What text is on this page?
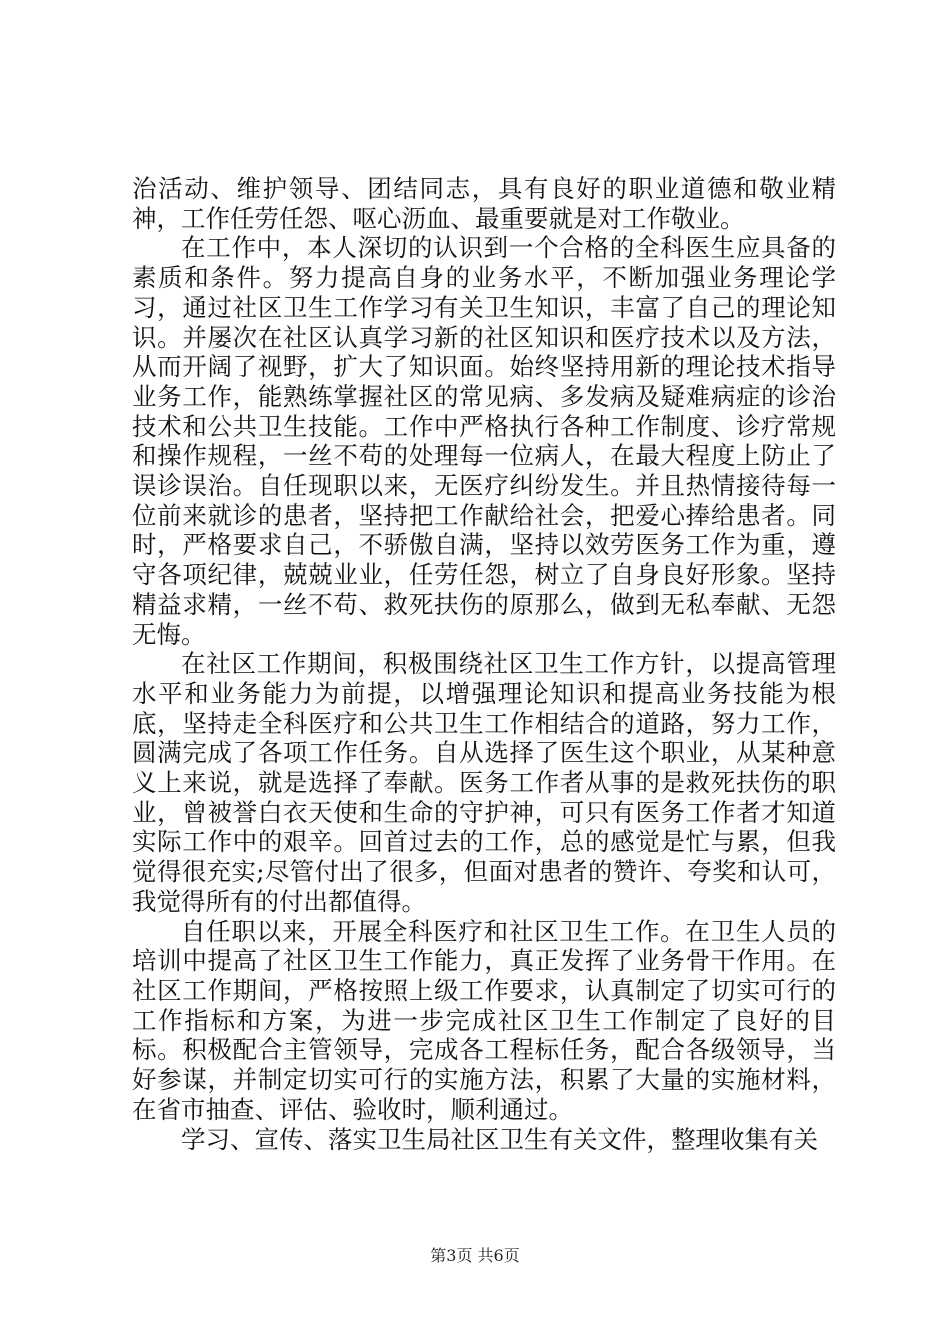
治活动、维护领导、团结同志，具有良好的职业道德和敬业精神，工作任劳任怨、呕心沥血、最重要就是对工作敬业。

在工作中，本人深切的认识到一个合格的全科医生应具备的素质和条件。努力提高自身的业务水平，不断加强业务理论学习，通过社区卫生工作学习有关卫生知识，丰富了自己的理论知识。并屡次在社区认真学习新的社区知识和医疗技术以及方法，从而开阔了视野，扩大了知识面。始终坚持用新的理论技术指导业务工作，能熟练掌握社区的常见病、多发病及疑难病症的诊治技术和公共卫生技能。工作中严格执行各种工作制度、诊疗常规和操作规程，一丝不苟的处理每一位病人，在最大程度上防止了误诊误治。自任现职以来，无医疗纠纷发生。并且热情接待每一位前来就诊的患者，坚持把工作献给社会，把爱心捧给患者。同时，严格要求自己，不骄傲自满，坚持以效劳医务工作为重，遵守各项纪律，兢兢业业，任劳任怨，树立了自身良好形象。坚持精益求精，一丝不苟、救死扶伤的原那么，做到无私奉献、无怨无悔。

在社区工作期间，积极围绕社区卫生工作方针，以提高管理水平和业务能力为前提，以增强理论知识和提高业务技能为根底，坚持走全科医疗和公共卫生工作相结合的道路，努力工作，圆满完成了各项工作任务。自从选择了医生这个职业，从某种意义上来说，就是选择了奉献。医务工作者从事的是救死扶伤的职业，曾被誉白衣天使和生命的守护神，可只有医务工作者才知道实际工作中的艰辛。回首过去的工作，总的感觉是忙与累，但我觉得很充实;尽管付出了很多，但面对患者的赞许、夸奖和认可，我觉得所有的付出都值得。

自任职以来，开展全科医疗和社区卫生工作。在卫生人员的培训中提高了社区卫生工作能力，真正发挥了业务骨干作用。在社区工作期间，严格按照上级工作要求，认真制定了切实可行的工作指标和方案，为进一步完成社区卫生工作制定了良好的目标。积极配合主管领导，完成各工程标任务，配合各级领导，当好参谋，并制定切实可行的实施方法，积累了大量的实施材料，在省市抽查、评估、验收时，顺利通过。

学习、宣传、落实卫生局社区卫生有关文件，整理收集有关

第3页 共6页
